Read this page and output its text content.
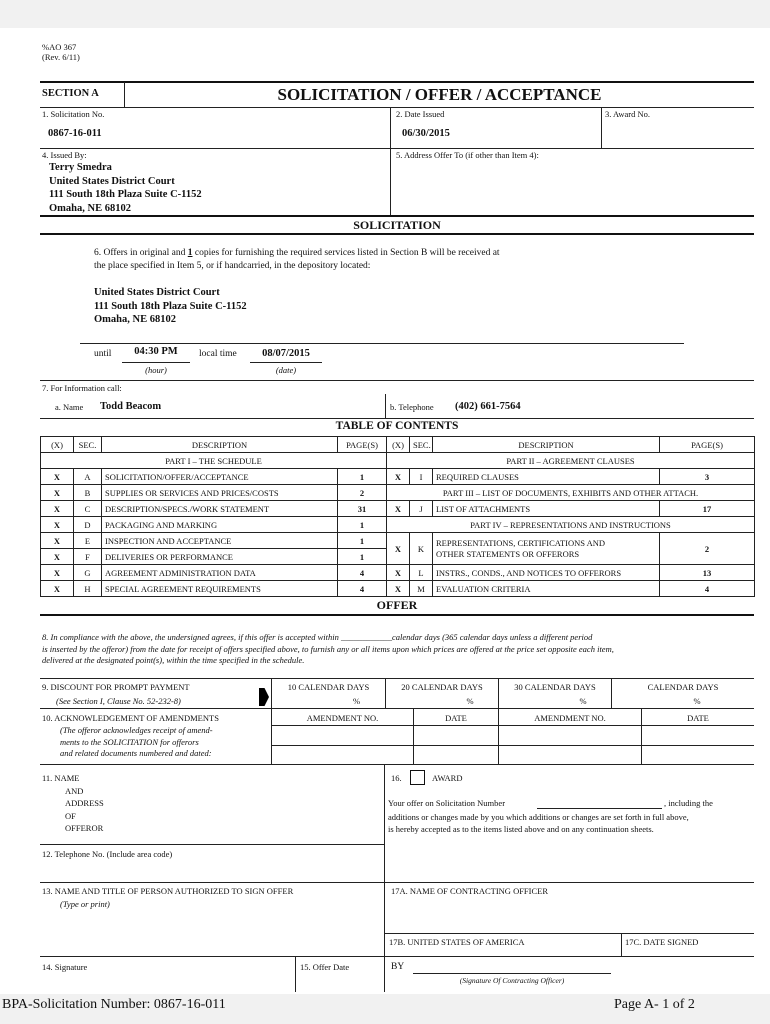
%AO 367
(Rev. 6/11)
SECTION A	SOLICITATION / OFFER / ACCEPTANCE
1. Solicitation No.
0867-16-011
2. Date Issued
06/30/2015
3. Award No.
4. Issued By:
Terry Smedra
United States District Court
111 South 18th Plaza Suite C-1152
Omaha, NE 68102
5. Address Offer To (if other than Item 4):
SOLICITATION
6. Offers in original and 1 copies for furnishing the required services listed in Section B will be received at
the place specified in Item 5, or if handcarried, in the depository located:
United States District Court
111 South 18th Plaza Suite C-1152
Omaha, NE 68102
until	04:30 PM
(hour)
local time	08/07/2015
(date)
7. For Information call:
a. Name Todd Beacom	b. Telephone (402) 661-7564
TABLE OF CONTENTS
(X)	SEC.	DESCRIPTION	PAGE(S)	(X)	SEC.	DESCRIPTION	PAGE(S)
PART I – THE SCHEDULE				PART II – AGREEMENT CLAUSES			
X	A	SOLICITATION/OFFER/ACCEPTANCE	1	X	I	REQUIRED CLAUSES	3
X	B	SUPPLIES OR SERVICES AND PRICES/COSTS	2	PART III – LIST OF DOCUMENTS, EXHIBITS AND OTHER ATTACH.			
X	C	DESCRIPTION/SPECS./WORK STATEMENT	31	X	J	LIST OF ATTACHMENTS	17
X	D	PACKAGING AND MARKING	1	PART IV – REPRESENTATIONS AND INSTRUCTIONS			
X	E	INSPECTION AND ACCEPTANCE	1	X	K	REPRESENTATIONS, CERTIFICATIONS AND
OTHER STATEMENTS OR OFFERORS	2
X	F	DELIVERIES OR PERFORMANCE	1				
X	G	AGREEMENT ADMINISTRATION DATA	4	X	L	INSTRS., CONDS., AND NOTICES TO OFFERORS	13
X	H	SPECIAL AGREEMENT REQUIREMENTS	4	X	M	EVALUATION CRITERIA	4
OFFER
8. In compliance with the above, the undersigned agrees, if this offer is accepted within ____________calendar days (365 calendar days unless a different period
is inserted by the offeror) from the date for receipt of offers specified above, to furnish any or all items upon which prices are offered at the price set opposite each item,
delivered at the designated point(s), within the time specified in the schedule.
9. DISCOUNT FOR PROMPT PAYMENT
(See Section I, Clause No. 52-232-8)
10 CALENDAR DAYS
%
20 CALENDAR DAYS
%
30 CALENDAR DAYS
%
CALENDAR DAYS
%
10. ACKNOWLEDGEMENT OF AMENDMENTS
(The offeror acknowledges receipt of amend-
ments to the SOLICITATION for offerors
and related documents numbered and dated:
AMENDMENT NO.	DATE	AMENDMENT NO.	DATE
11. NAME
AND
ADDRESS
OF
OFFEROR
16.	AWARD
Your offer on Solicitation Number	, including the
additions or changes made by you which additions or changes are set forth in full above,
is hereby accepted as to the items listed above and on any continuation sheets.
12. Telephone No. (Include area code)
13. NAME AND TITLE OF PERSON AUTHORIZED TO SIGN OFFER
(Type or print)
17A. NAME OF CONTRACTING OFFICER
17B. UNITED STATES OF AMERICA	17C. DATE SIGNED
14. Signature	15. Offer Date	BY
(Signature Of Contracting Officer)
BPA-Solicitation Number: 0867-16-011	Page A- 1 of 2
